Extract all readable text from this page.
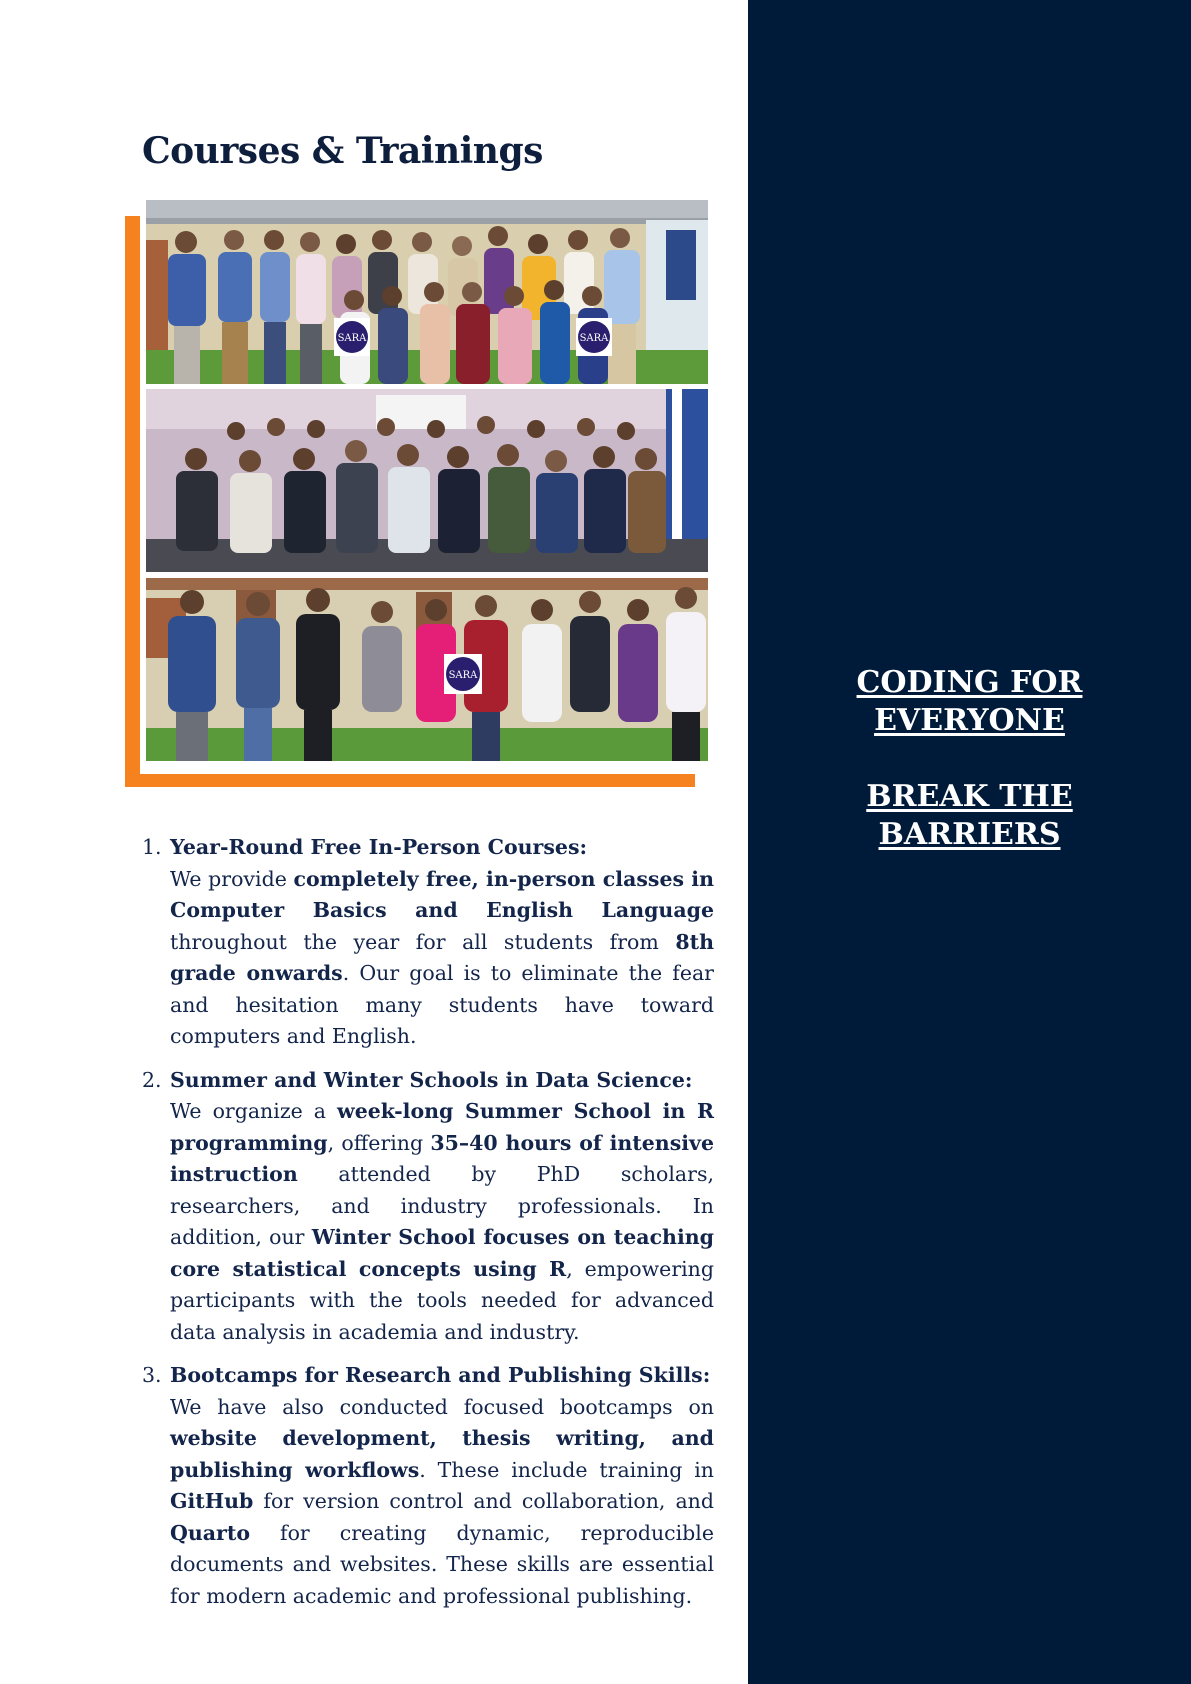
Courses & Trainings
SARA	SARA
SARA
1. Year-Round Free In-Person Courses:
We provide completely free, in-person classes in Computer Basics and English Language throughout the year for all students from 8th grade onwards. Our goal is to eliminate the fear and hesitation many students have toward computers and English.
2. Summer and Winter Schools in Data Science:
We organize a week-long Summer School in R programming, offering 35–40 hours of intensive instruction attended by PhD scholars, researchers, and industry professionals. In addition, our Winter School focuses on teaching core statistical concepts using R, empowering participants with the tools needed for advanced data analysis in academia and industry.
3. Bootcamps for Research and Publishing Skills:
We have also conducted focused bootcamps on website development, thesis writing, and publishing workflows. These include training in GitHub for version control and collaboration, and Quarto for creating dynamic, reproducible documents and websites. These skills are essential for modern academic and professional publishing.
CODING FOR
EVERYONE
BREAK THE
BARRIERS
